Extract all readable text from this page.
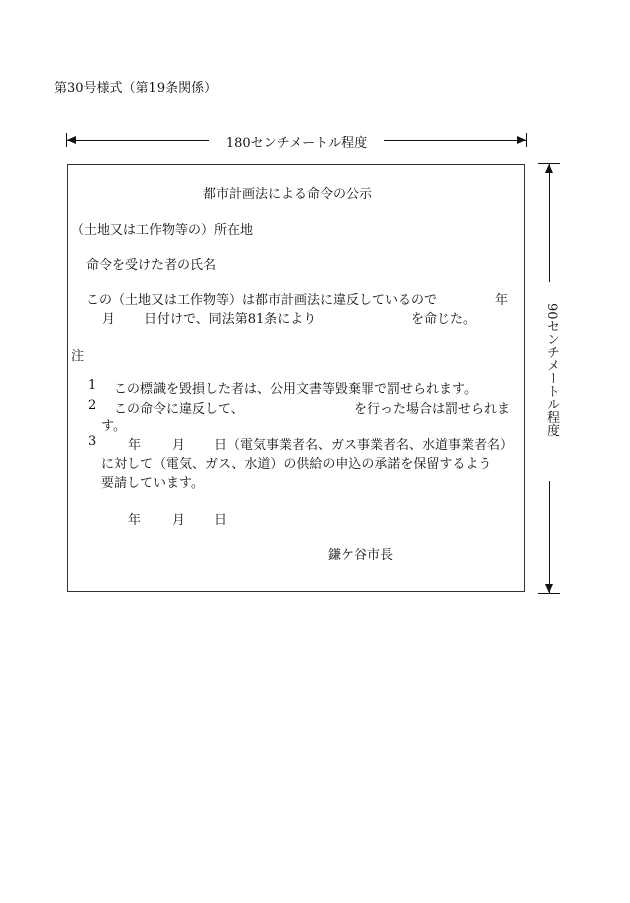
第30号様式（第19条関係）
180センチメートル程度
90センチメートル程度
都市計画法による命令の公示
（土地又は工作物等の）所在地
命令を受けた者の氏名
この（土地又は工作物等）は都市計画法に違反しているので	年
月 日付けで、同法第81条により	を命じた。
注
1 この標識を毀損した者は、公用文書等毀棄罪で罰せられます。
2 この命令に違反して、	を行った場合は罰せられま
す。
3 年 月 日（電気事業者名、ガス事業者名、水道事業者名）
に対して（電気、ガス、水道）の供給の申込の承諾を保留するよう
要請しています。
年 月 日
鎌ケ谷市長
